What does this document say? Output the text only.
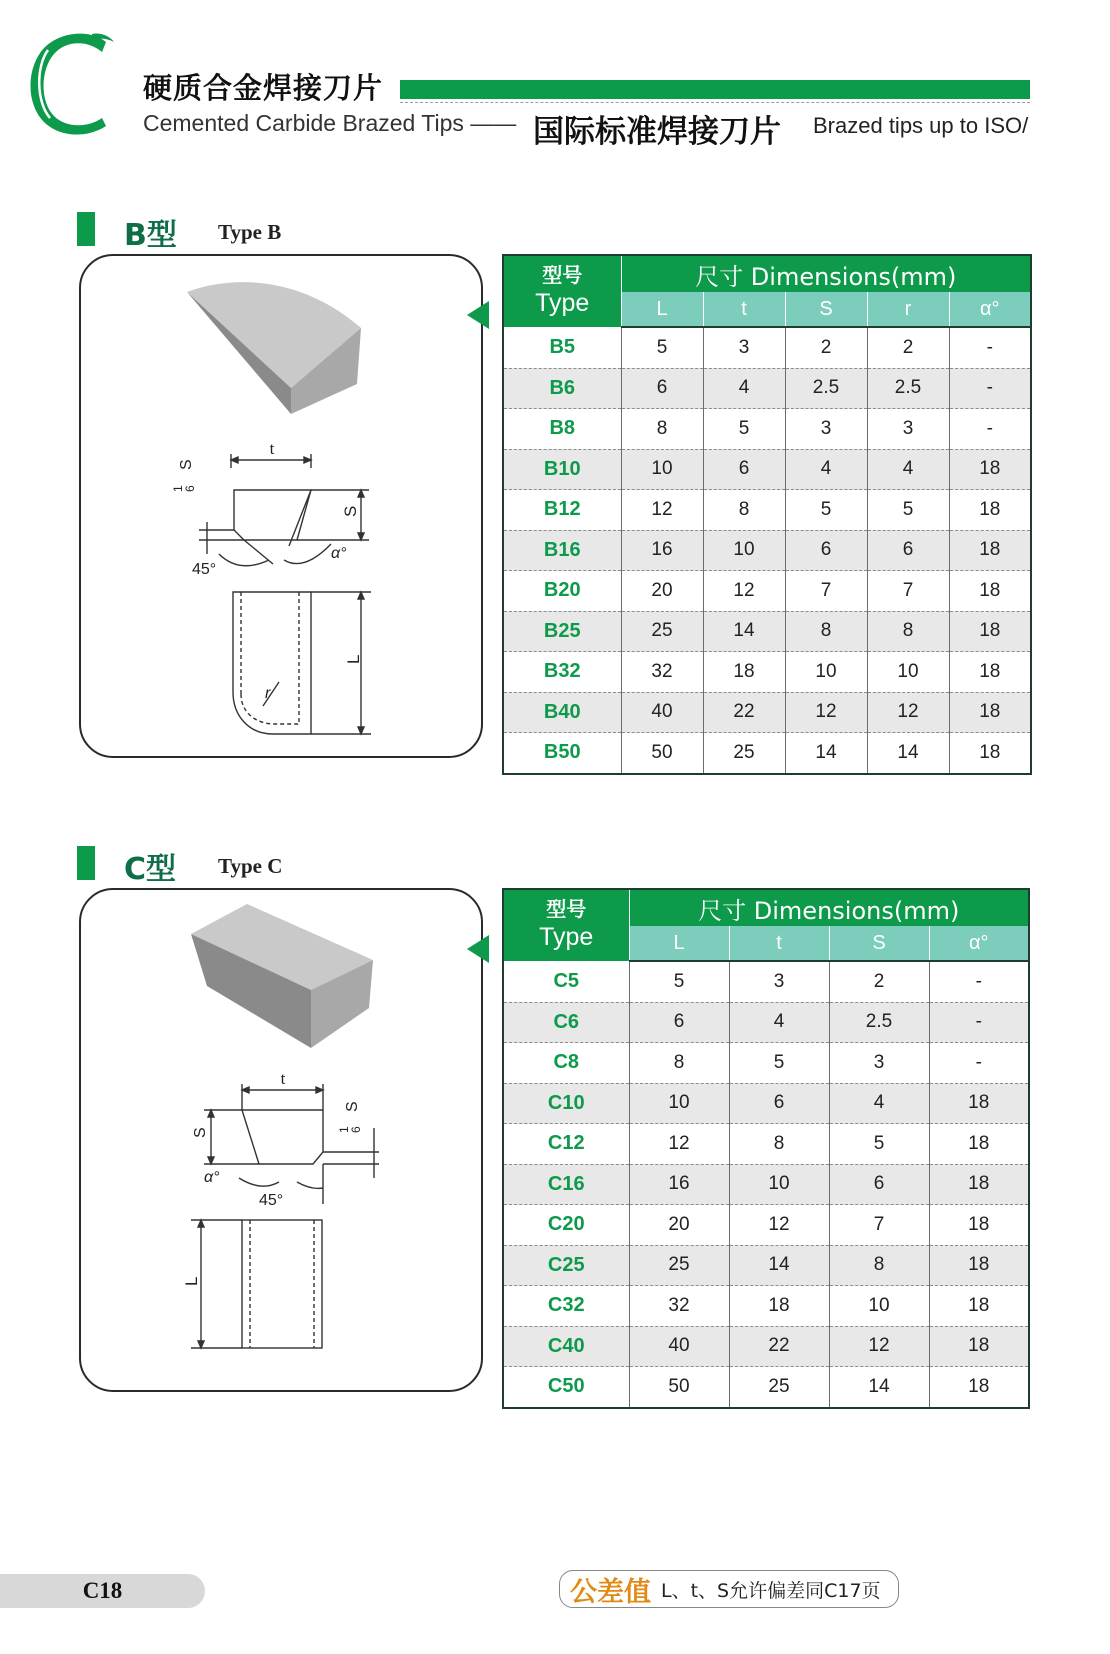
硬质合金焊接刀片
Cemented Carbide Brazed Tips —— 国际标准焊接刀片 Brazed tips up to ISO/
B型 Type B
t
S
1
6
S
45°
α°
r
L
型号
Type	尺寸 Dimensions(mm)				
	L	t	S	r	α°
B5	5	3	2	2	-
B6	6	4	2.5	2.5	-
B8	8	5	3	3	-
B10	10	6	4	4	18
B12	12	8	5	5	18
B16	16	10	6	6	18
B20	20	12	7	7	18
B25	25	14	8	8	18
B32	32	18	10	10	18
B40	40	22	12	12	18
B50	50	25	14	14	18
C型 Type C
t
S	1
6
S
α°
45°
L
型号
Type	尺寸 Dimensions(mm)			
	L	t	S	α°
C5	5	3	2	-
C6	6	4	2.5	-
C8	8	5	3	-
C10	10	6	4	18
C12	12	8	5	18
C16	16	10	6	18
C20	20	12	7	18
C25	25	14	8	18
C32	32	18	10	18
C40	40	22	12	18
C50	50	25	14	18
C18	公差值 L、t、S允许偏差同C17页
